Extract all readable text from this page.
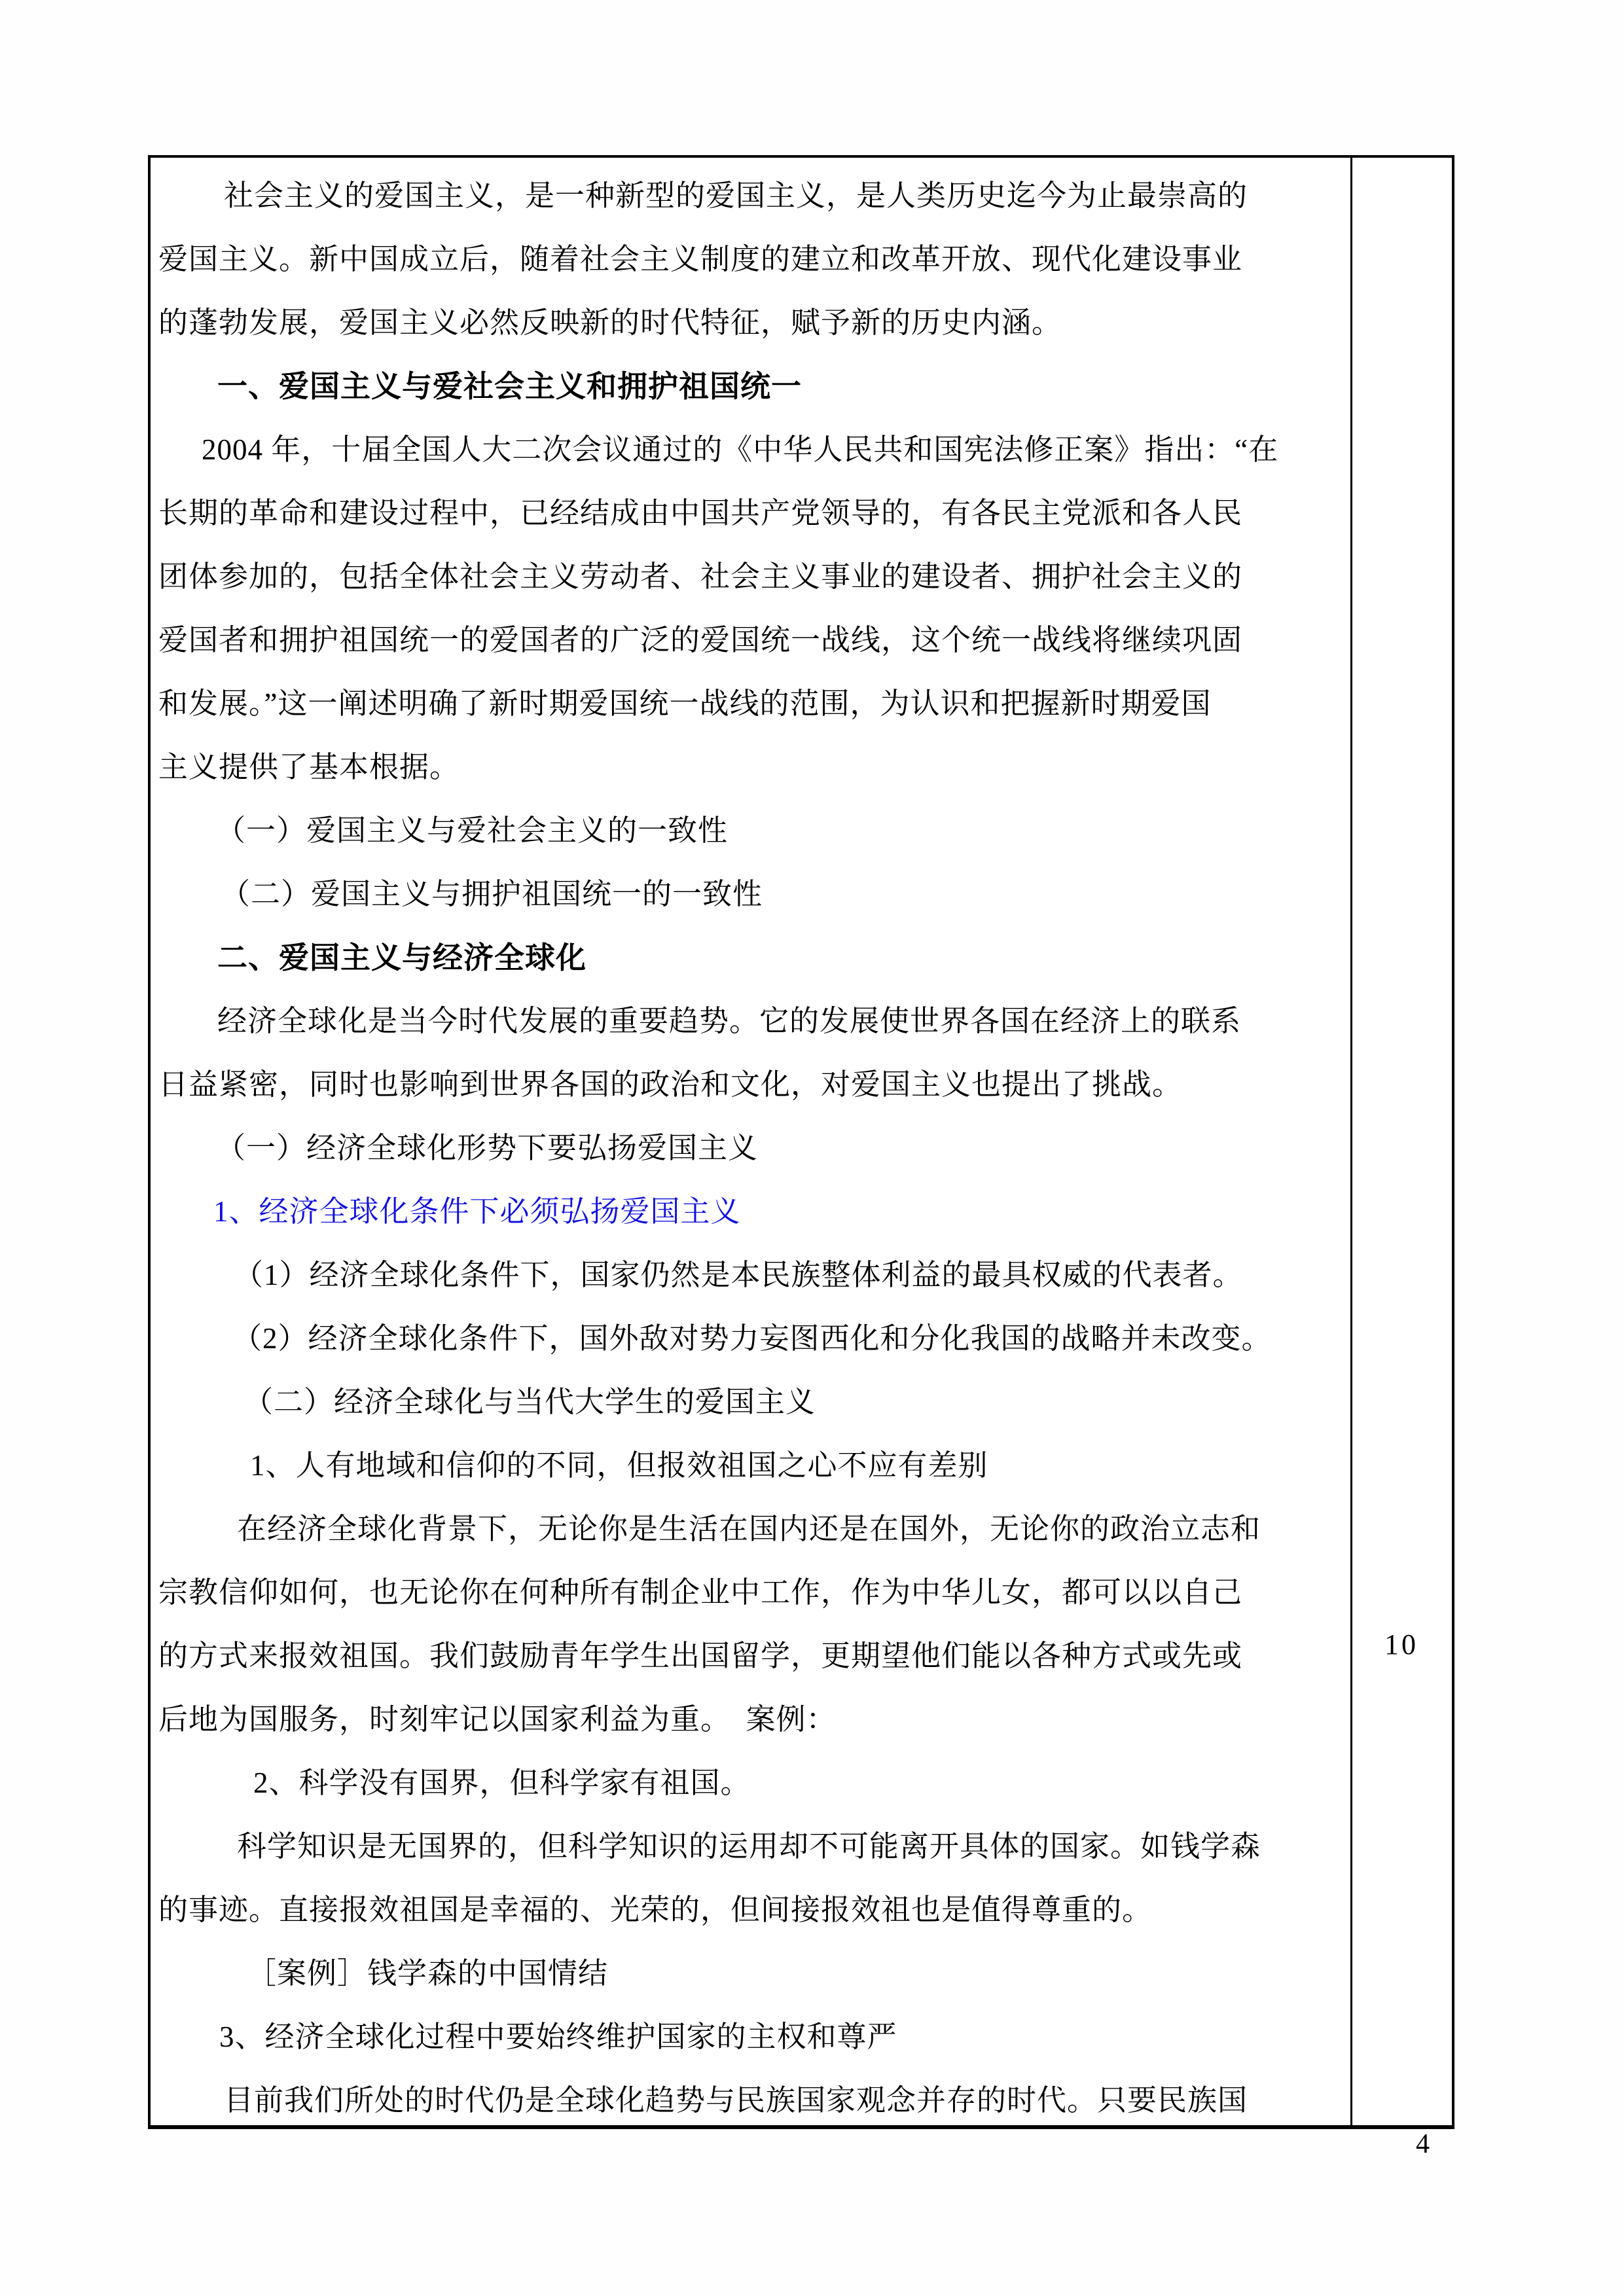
社会主义的爱国主义，是一种新型的爱国主义，是人类历史迄今为止最崇高的
爱国主义。新中国成立后，随着社会主义制度的建立和改革开放、现代化建设事业
的蓬勃发展，爱国主义必然反映新的时代特征，赋予新的历史内涵。
一、爱国主义与爱社会主义和拥护祖国统一
2004 年，十届全国人大二次会议通过的《中华人民共和国宪法修正案》指出：“在
长期的革命和建设过程中，已经结成由中国共产党领导的，有各民主党派和各人民
团体参加的，包括全体社会主义劳动者、社会主义事业的建设者、拥护社会主义的
爱国者和拥护祖国统一的爱国者的广泛的爱国统一战线，这个统一战线将继续巩固
和发展。”这一阐述明确了新时期爱国统一战线的范围，为认识和把握新时期爱国
主义提供了基本根据。
（一）爱国主义与爱社会主义的一致性
（二）爱国主义与拥护祖国统一的一致性
二、爱国主义与经济全球化
经济全球化是当今时代发展的重要趋势。它的发展使世界各国在经济上的联系
日益紧密，同时也影响到世界各国的政治和文化，对爱国主义也提出了挑战。
（一）经济全球化形势下要弘扬爱国主义
1、经济全球化条件下必须弘扬爱国主义
（1）经济全球化条件下，国家仍然是本民族整体利益的最具权威的代表者。
（2）经济全球化条件下，国外敌对势力妄图西化和分化我国的战略并未改变。
（二）经济全球化与当代大学生的爱国主义
1、人有地域和信仰的不同，但报效祖国之心不应有差别
在经济全球化背景下，无论你是生活在国内还是在国外，无论你的政治立志和
宗教信仰如何，也无论你在何种所有制企业中工作，作为中华儿女，都可以以自己
的方式来报效祖国。我们鼓励青年学生出国留学，更期望他们能以各种方式或先或
后地为国服务，时刻牢记以国家利益为重。　案例：
2、科学没有国界，但科学家有祖国。
科学知识是无国界的，但科学知识的运用却不可能离开具体的国家。如钱学森
的事迹。直接报效祖国是幸福的、光荣的，但间接报效祖也是值得尊重的。
［案例］钱学森的中国情结
3、经济全球化过程中要始终维护国家的主权和尊严
目前我们所处的时代仍是全球化趋势与民族国家观念并存的时代。只要民族国
10
4
